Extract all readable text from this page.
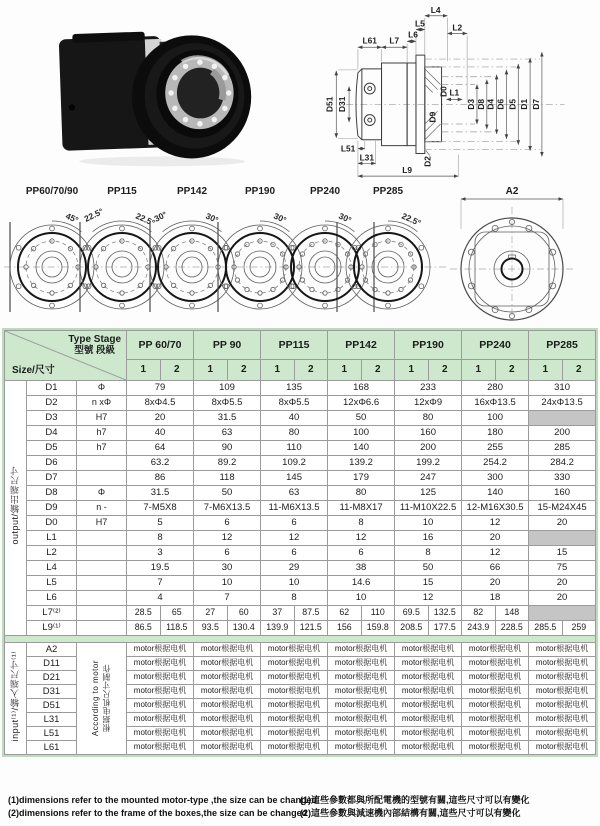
L4
L5	L2
L61 L7
L6
D51 D31
D0 L1
D9
D3 D8 D4 D6 D5 D1 D7
L51
L31	D2
L9
45°
PP60/70/90
22.5°
22.5°
PP115
30°
30°
PP142
30°
PP190
30°
PP240
22.5°
PP285	A2
Type Stage
型號 段級
Size/尺寸			PP 60/70		PP 90		PP115		PP142		PP190		PP240		PP285	
			1	2	1	2	1	2	1	2	1	2	1	2	1	2
output/输出端尺寸	D1	Φ	79		109		135		168		233		280		310	
	D2	n xΦ	8xΦ4.5		8xΦ5.5		8xΦ5.5		12xΦ6.6		12xΦ9		16xΦ13.5		24xΦ13.5	
	D3	H7	20		31.5		40		50		80		100			
	D4	h7	40		63		80		100		160		180		200	
	D5	h7	64		90		110		140		200		255		285	
	D6		63.2		89.2		109.2		139.2		199.2		254.2		284.2	
	D7		86		118		145		179		247		300		330	
	D8	Φ	31.5		50		63		80		125		140		160	
	D9	n -	7-M5X8		7-M6X13.5		11-M6X13.5		11-M8X17		11-M10X22.5		12-M16X30.5		15-M24X45	
	D0	H7	5		6		6		8		10		12		20	
	L1		8		12		12		12		16		20			
	L2		3		6		6		6		8		12		15	
	L4		19.5		30		29		38		50		66		75	
	L5		7		10		10		14.6		15		20		20	
	L6		4		7		8		10		12		18		20	
	L7⁽²⁾		28.5	65	27	60	37	87.5	62	110	69.5	132.5	82	148		
	L9⁽¹⁾		86.5	118.5	93.5	130.4	139.9	121.5	156	159.8	208.5	177.5	243.9	228.5	285.5	259

input⁽¹⁾/输入端尺寸⁽¹⁾	A2	According to motor 根据电机尺寸制作	motor根据电机		motor根据电机		motor根据电机		motor根据电机		motor根据电机		motor根据电机		motor根据电机	
	D11		motor根据电机		motor根据电机		motor根据电机		motor根据电机		motor根据电机		motor根据电机		motor根据电机	
	D21		motor根据电机		motor根据电机		motor根据电机		motor根据电机		motor根据电机		motor根据电机		motor根据电机	
	D31		motor根据电机		motor根据电机		motor根据电机		motor根据电机		motor根据电机		motor根据电机		motor根据电机	
	D51		motor根据电机		motor根据电机		motor根据电机		motor根据电机		motor根据电机		motor根据电机		motor根据电机	
	L31		motor根据电机		motor根据电机		motor根据电机		motor根据电机		motor根据电机		motor根据电机		motor根据电机	
	L51		motor根据电机		motor根据电机		motor根据电机		motor根据电机		motor根据电机		motor根据电机		motor根据电机	
	L61		motor根据电机		motor根据电机		motor根据电机		motor根据电机		motor根据电机		motor根据电机		motor根据电机	
(1)dimensions refer to the mounted motor-type ,the size can be changed
(2)dimensions refer to the frame of the boxes,the size can be changed
(1)這些參數都與所配電機的型號有關,這些尺寸可以有變化
(2)這些參數與減速機內部結構有關,這些尺寸可以有變化
